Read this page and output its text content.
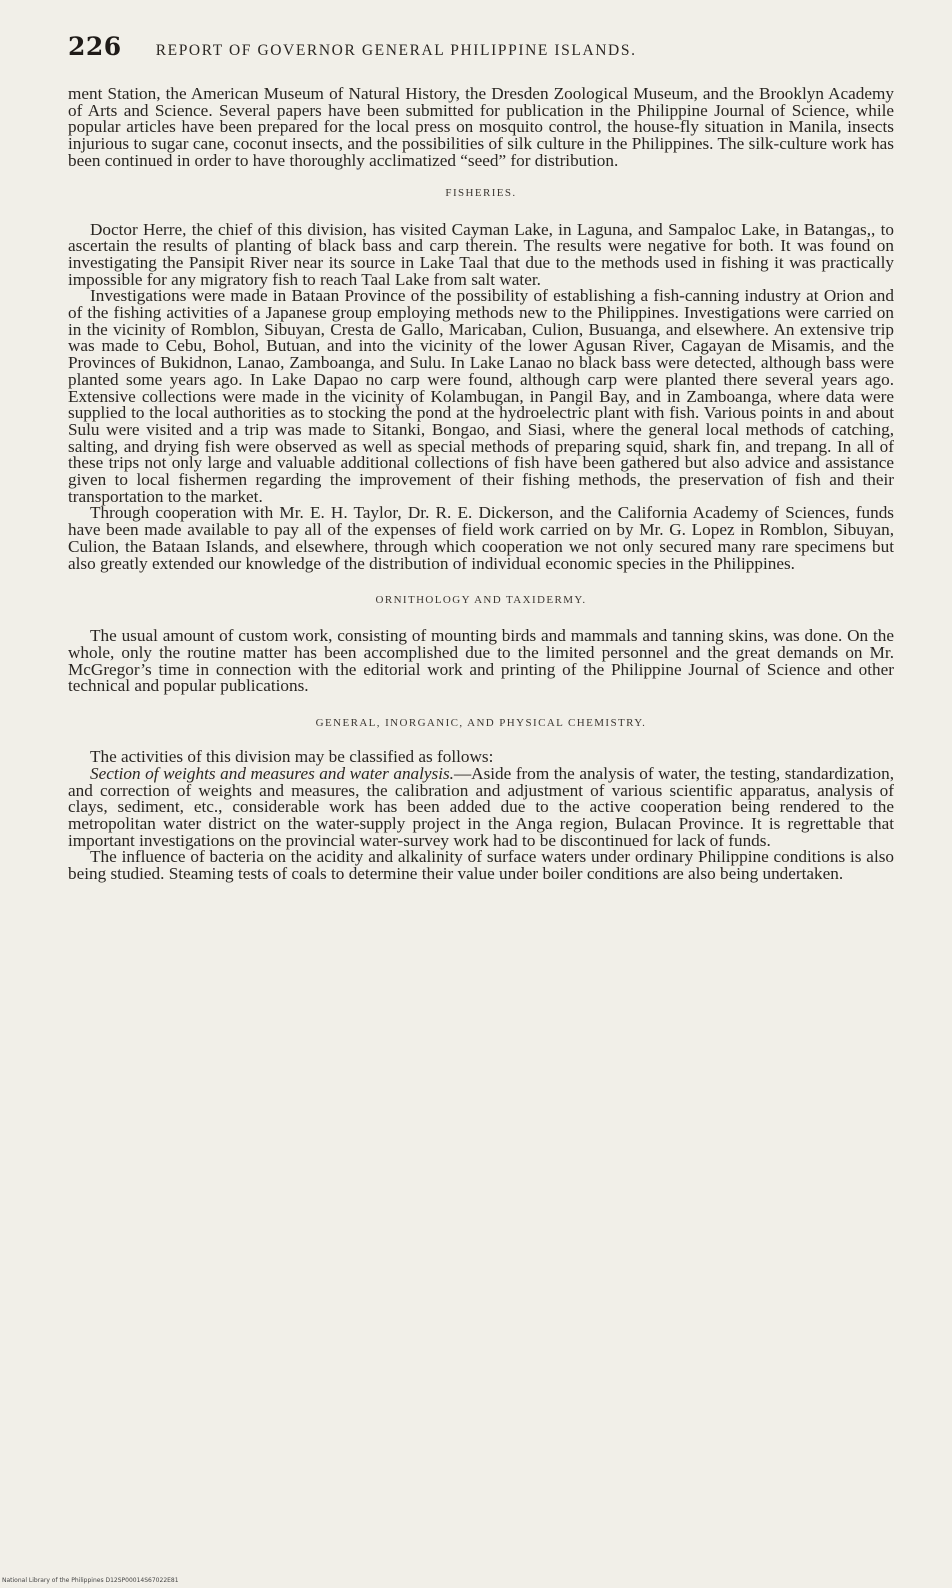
226 REPORT OF GOVERNOR GENERAL PHILIPPINE ISLANDS.

ment Station, the American Museum of Natural History, the Dresden Zoological Museum, and the Brooklyn Academy of Arts and Science. Several papers have been submitted for publication in the Philippine Journal of Science, while popular articles have been prepared for the local press on mosquito control, the house-fly situation in Manila, insects injurious to sugar cane, coconut insects, and the possibilities of silk culture in the Philippines. The silk-culture work has been continued in order to have thoroughly acclimatized “seed” for distribution.

FISHERIES.

Doctor Herre, the chief of this division, has visited Cayman Lake, in Laguna, and Sampaloc Lake, in Batangas,, to ascertain the results of planting of black bass and carp therein. The results were negative for both. It was found on investigating the Pansipit River near its source in Lake Taal that due to the methods used in fishing it was practically impossible for any migratory fish to reach Taal Lake from salt water.

Investigations were made in Bataan Province of the possibility of establishing a fish-canning industry at Orion and of the fishing activities of a Japanese group employing methods new to the Philippines. Investigations were carried on in the vicinity of Romblon, Sibuyan, Cresta de Gallo, Maricaban, Culion, Busuanga, and elsewhere. An extensive trip was made to Cebu, Bohol, Butuan, and into the vicinity of the lower Agusan River, Cagayan de Misamis, and the Provinces of Bukidnon, Lanao, Zamboanga, and Sulu. In Lake Lanao no black bass were detected, although bass were planted some years ago. In Lake Dapao no carp were found, although carp were planted there several years ago. Extensive collections were made in the vicinity of Kolambugan, in Pangil Bay, and in Zamboanga, where data were supplied to the local authorities as to stocking the pond at the hydroelectric plant with fish. Various points in and about Sulu were visited and a trip was made to Sitanki, Bongao, and Siasi, where the general local methods of catching, salting, and drying fish were observed as well as special methods of preparing squid, shark fin, and trepang. In all of these trips not only large and valuable additional collections of fish have been gathered but also advice and assistance given to local fishermen regarding the improvement of their fishing methods, the preservation of fish and their transportation to the market.

Through cooperation with Mr. E. H. Taylor, Dr. R. E. Dickerson, and the California Academy of Sciences, funds have been made available to pay all of the expenses of field work carried on by Mr. G. Lopez in Romblon, Sibuyan, Culion, the Bataan Islands, and elsewhere, through which cooperation we not only secured many rare specimens but also greatly extended our knowledge of the distribution of individual economic species in the Philippines.

ORNITHOLOGY AND TAXIDERMY.

The usual amount of custom work, consisting of mounting birds and mammals and tanning skins, was done. On the whole, only the routine matter has been accomplished due to the limited personnel and the great demands on Mr. McGregor’s time in connection with the editorial work and printing of the Philippine Journal of Science and other technical and popular publications.

GENERAL, INORGANIC, AND PHYSICAL CHEMISTRY.

The activities of this division may be classified as follows:

Section of weights and measures and water analysis.—Aside from the analysis of water, the testing, standardization, and correction of weights and measures, the calibration and adjustment of various scientific apparatus, analysis of clays, sediment, etc., considerable work has been added due to the active cooperation being rendered to the metropolitan water district on the water-supply project in the Anga region, Bulacan Province. It is regrettable that important investigations on the provincial water-survey work had to be discontinued for lack of funds.

The influence of bacteria on the acidity and alkalinity of surface waters under ordinary Philippine conditions is also being studied. Steaming tests of coals to determine their value under boiler conditions are also being undertaken.

National Library of the Philippines D12SP00014S67022E81
